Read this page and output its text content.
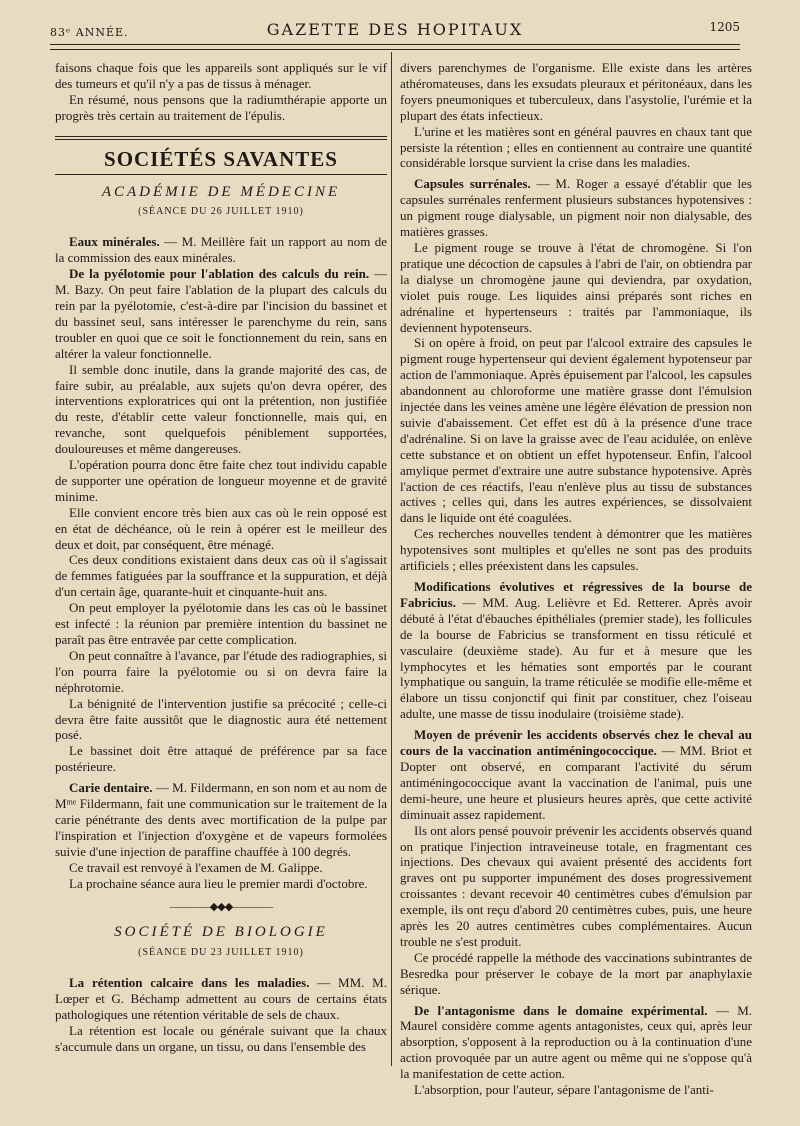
83ᵉ ANNÉE.	GAZETTE DES HOPITAUX	1205

faisons chaque fois que les appareils sont appliqués sur le vif des tumeurs et qu'il n'y a pas de tissus à ménager.

En résumé, nous pensons que la radiumthérapie apporte un progrès très certain au traitement de l'épulis.

SOCIÉTÉS SAVANTES
ACADÉMIE DE MÉDECINE
(SÉANCE DU 26 JUILLET 1910)

Eaux minérales. — M. Meillère fait un rapport au nom de la commission des eaux minérales.

De la pyélotomie pour l'ablation des calculs du rein. — M. Bazy. On peut faire l'ablation de la plupart des calculs du rein par la pyélotomie, c'est-à-dire par l'incision du bassinet et du bassinet seul, sans intéresser le parenchyme du rein, sans troubler en quoi que ce soit le fonctionnement du rein, sans en altérer la valeur fonctionnelle.

Il semble donc inutile, dans la grande majorité des cas, de faire subir, au préalable, aux sujets qu'on devra opérer, des interventions exploratrices qui ont la prétention, non justifiée du reste, d'établir cette valeur fonctionnelle, mais qui, en revanche, sont quelquefois péniblement supportées, douloureuses et même dangereuses.

L'opération pourra donc être faite chez tout individu capable de supporter une opération de longueur moyenne et de gravité minime.

Elle convient encore très bien aux cas où le rein opposé est en état de déchéance, où le rein à opérer est le meilleur des deux et doit, par conséquent, être ménagé.

Ces deux conditions existaient dans deux cas où il s'agissait de femmes fatiguées par la souffrance et la suppuration, et déjà d'un certain âge, quarante-huit et cinquante-huit ans.

On peut employer la pyélotomie dans les cas où le bassinet est infecté : la réunion par première intention du bassinet ne paraît pas être entravée par cette complication.

On peut connaître à l'avance, par l'étude des radiographies, si l'on pourra faire la pyélotomie ou si on devra faire la néphrotomie.

La bénignité de l'intervention justifie sa précocité ; celle-ci devra être faite aussitôt que le diagnostic aura été nettement posé.

Le bassinet doit être attaqué de préférence par sa face postérieure.

Carie dentaire. — M. Fildermann, en son nom et au nom de Mᵐᵉ Fildermann, fait une communication sur le traitement de la carie pénétrante des dents avec mortification de la pulpe par l'inspiration et l'injection d'oxygène et de vapeurs formolées suivie d'une injection de paraffine chauffée à 100 degrés.

Ce travail est renvoyé à l'examen de M. Galippe.

La prochaine séance aura lieu le premier mardi d'octobre.

————◆◆◆————
SOCIÉTÉ DE BIOLOGIE
(SÉANCE DU 23 JUILLET 1910)

La rétention calcaire dans les maladies. — MM. M. Lœper et G. Béchamp admettent au cours de certains états pathologiques une rétention véritable de sels de chaux.

La rétention est locale ou générale suivant que la chaux s'accumule dans un organe, un tissu, ou dans l'ensemble des

divers parenchymes de l'organisme. Elle existe dans les artères athéromateuses, dans les exsudats pleuraux et péritonéaux, dans les foyers pneumoniques et tuberculeux, dans l'asystolie, l'urémie et la plupart des états infectieux.

L'urine et les matières sont en général pauvres en chaux tant que persiste la rétention ; elles en contiennent au contraire une quantité considérable lorsque survient la crise dans les maladies.

Capsules surrénales. — M. Roger a essayé d'établir que les capsules surrénales renferment plusieurs substances hypotensives : un pigment rouge dialysable, un pigment noir non dialysable, des matières grasses.

Le pigment rouge se trouve à l'état de chromogène. Si l'on pratique une décoction de capsules à l'abri de l'air, on obtiendra par la dialyse un chromogène jaune qui deviendra, par oxydation, violet puis rouge. Les liquides ainsi préparés sont riches en adrénaline et hypertenseurs : traités par l'ammoniaque, ils deviennent hypotenseurs.

Si on opère à froid, on peut par l'alcool extraire des capsules le pigment rouge hypertenseur qui devient également hypotenseur par action de l'ammoniaque. Après épuisement par l'alcool, les capsules abandonnent au chloroforme une matière grasse dont l'émulsion injectée dans les veines amène une légère élévation de pression non suivie d'abaissement. Cet effet est dû à la présence d'une trace d'adrénaline. Si on lave la graisse avec de l'eau acidulée, on enlève cette substance et on obtient un effet hypotenseur. Enfin, l'alcool amylique permet d'extraire une autre substance hypotensive. Après l'action de ces réactifs, l'eau n'enlève plus au tissu de substances actives ; celles qui, dans les autres expériences, se dissolvaient dans le liquide ont été coagulées.

Ces recherches nouvelles tendent à démontrer que les matières hypotensives sont multiples et qu'elles ne sont pas des produits artificiels ; elles préexistent dans les capsules.

Modifications évolutives et régressives de la bourse de Fabricius. — MM. Aug. Lelièvre et Ed. Retterer. Après avoir débuté à l'état d'ébauches épithéliales (premier stade), les follicules de la bourse de Fabricius se transforment en tissu réticulé et vasculaire (deuxième stade). Au fur et à mesure que les lymphocytes et les hématies sont emportés par le courant lymphatique ou sanguin, la trame réticulée se modifie elle-même et élabore un tissu conjonctif qui finit par constituer, chez l'oiseau adulte, une masse de tissu inodulaire (troisième stade).

Moyen de prévenir les accidents observés chez le cheval au cours de la vaccination antiméningococcique. — MM. Briot et Dopter ont observé, en comparant l'activité du sérum antiméningococcique avant la vaccination de l'animal, puis une demi-heure, une heure et plusieurs heures après, que cette activité diminuait assez rapidement.

Ils ont alors pensé pouvoir prévenir les accidents observés quand on pratique l'injection intraveineuse totale, en fragmentant ces injections. Des chevaux qui avaient présenté des accidents fort graves ont pu supporter impunément des doses progressivement croissantes : devant recevoir 40 centimètres cubes d'émulsion par exemple, ils ont reçu d'abord 20 centimètres cubes, puis, une heure après les 20 autres centimètres cubes complémentaires. Aucun trouble ne s'est produit.

Ce procédé rappelle la méthode des vaccinations subintrantes de Besredka pour préserver le cobaye de la mort par anaphylaxie sérique.

De l'antagonisme dans le domaine expérimental. — M. Maurel considère comme agents antagonistes, ceux qui, après leur absorption, s'opposent à la reproduction ou à la continuation d'une action provoquée par un autre agent ou même qui ne s'oppose qu'à la manifestation de cette action.

L'absorption, pour l'auteur, sépare l'antagonisme de l'anti-
